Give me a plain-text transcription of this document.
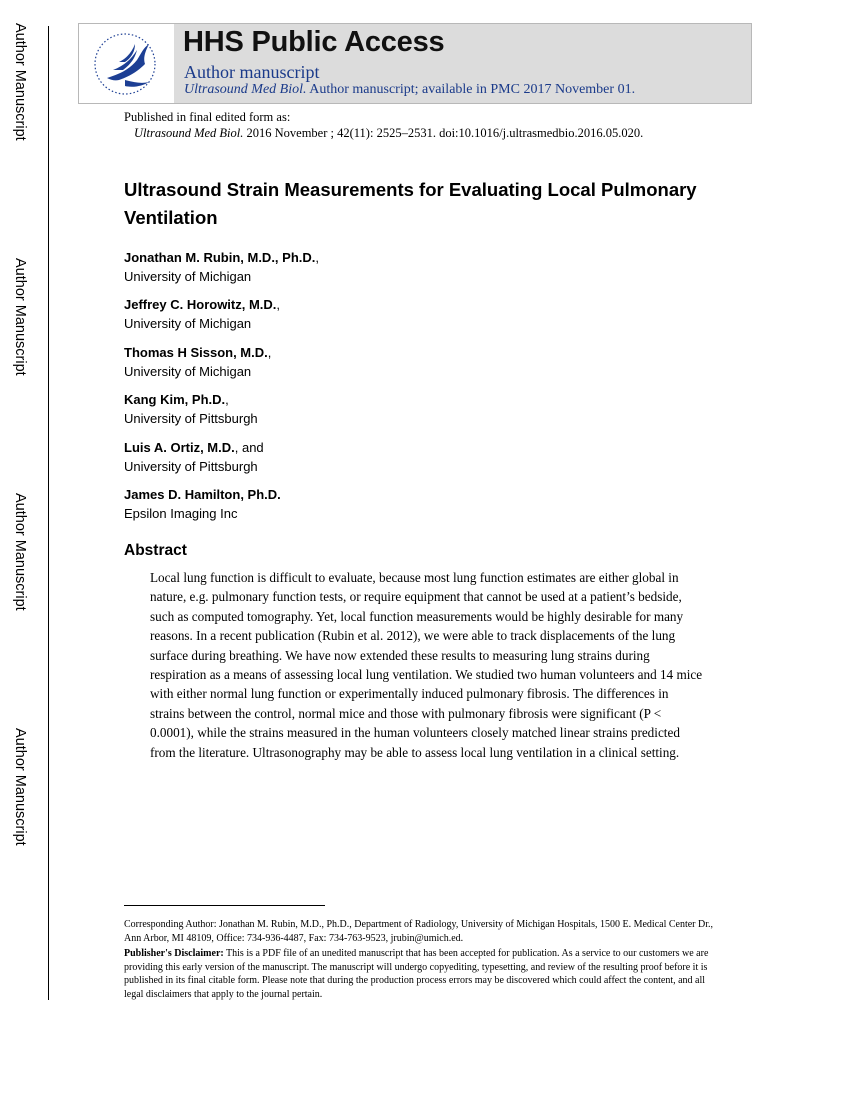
Author Manuscript
Author Manuscript
Author Manuscript
Author Manuscript
HHS Public Access
Author manuscript
Ultrasound Med Biol. Author manuscript; available in PMC 2017 November 01.
Published in final edited form as:
Ultrasound Med Biol. 2016 November ; 42(11): 2525–2531. doi:10.1016/j.ultrasmedbio.2016.05.020.
Ultrasound Strain Measurements for Evaluating Local Pulmonary Ventilation
Jonathan M. Rubin, M.D., Ph.D.,
University of Michigan
Jeffrey C. Horowitz, M.D.,
University of Michigan
Thomas H Sisson, M.D.,
University of Michigan
Kang Kim, Ph.D.,
University of Pittsburgh
Luis A. Ortiz, M.D., and
University of Pittsburgh
James D. Hamilton, Ph.D.
Epsilon Imaging Inc
Abstract
Local lung function is difficult to evaluate, because most lung function estimates are either global in nature, e.g. pulmonary function tests, or require equipment that cannot be used at a patient’s bedside, such as computed tomography. Yet, local function measurements would be highly desirable for many reasons. In a recent publication (Rubin et al. 2012), we were able to track displacements of the lung surface during breathing. We have now extended these results to measuring lung strains during respiration as a means of assessing local lung ventilation. We studied two human volunteers and 14 mice with either normal lung function or experimentally induced pulmonary fibrosis. The differences in strains between the control, normal mice and those with pulmonary fibrosis were significant (P < 0.0001), while the strains measured in the human volunteers closely matched linear strains predicted from the literature. Ultrasonography may be able to assess local lung ventilation in a clinical setting.
Corresponding Author: Jonathan M. Rubin, M.D., Ph.D., Department of Radiology, University of Michigan Hospitals, 1500 E. Medical Center Dr., Ann Arbor, MI 48109, Office: 734-936-4487, Fax: 734-763-9523, jrubin@umich.ed.
Publisher's Disclaimer: This is a PDF file of an unedited manuscript that has been accepted for publication. As a service to our customers we are providing this early version of the manuscript. The manuscript will undergo copyediting, typesetting, and review of the resulting proof before it is published in its final citable form. Please note that during the production process errors may be discovered which could affect the content, and all legal disclaimers that apply to the journal pertain.
